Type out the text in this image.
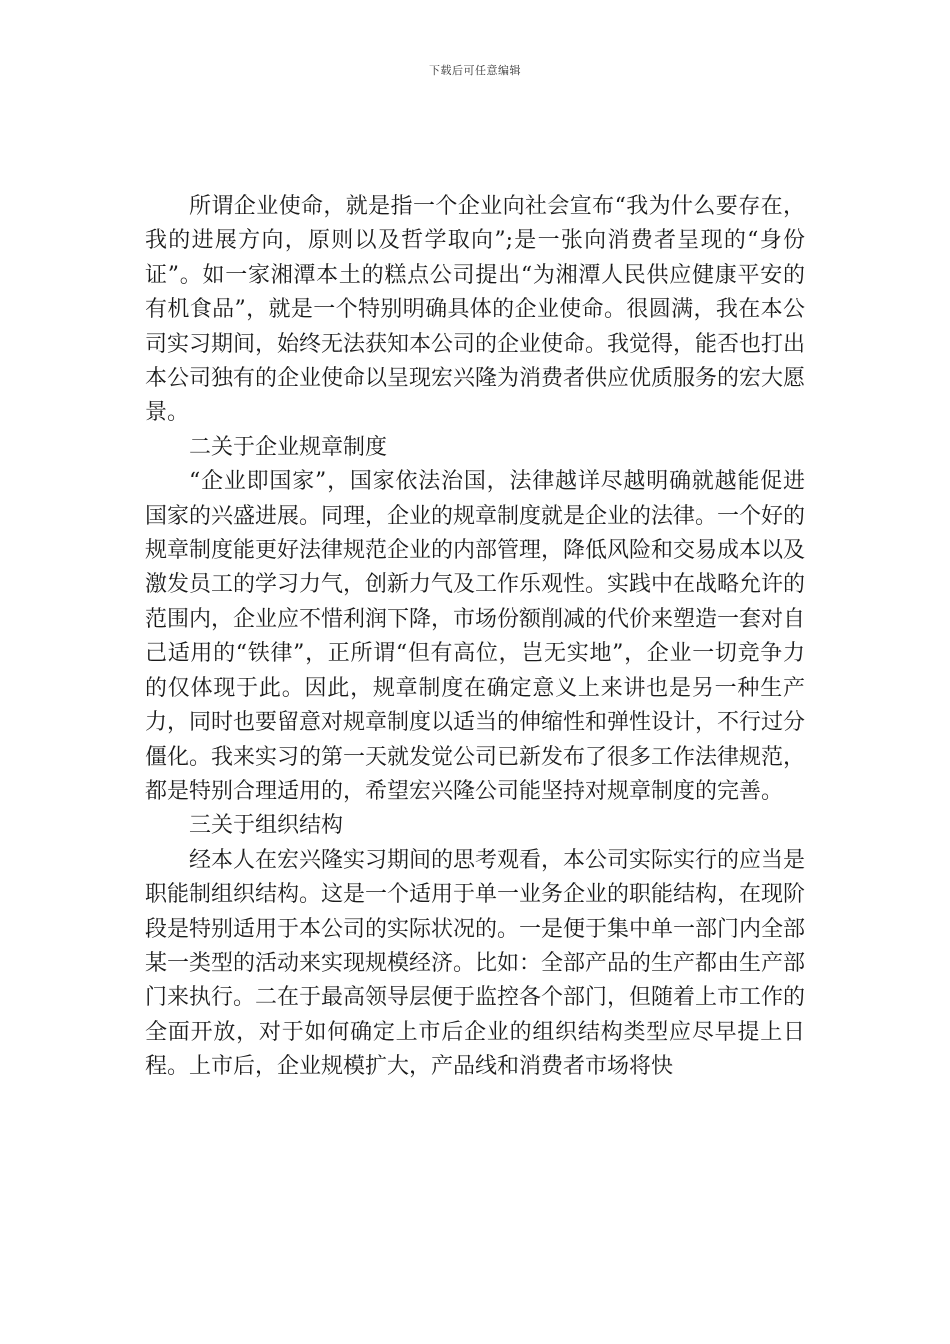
下载后可任意编辑

所谓企业使命，就是指一个企业向社会宣布“我为什么要存在，我的进展方向，原则以及哲学取向”;是一张向消费者呈现的“身份证”。如一家湘潭本土的糕点公司提出“为湘潭人民供应健康平安的有机食品”，就是一个特别明确具体的企业使命。很圆满，我在本公司实习期间，始终无法获知本公司的企业使命。我觉得，能否也打出本公司独有的企业使命以呈现宏兴隆为消费者供应优质服务的宏大愿景。

二关于企业规章制度

“企业即国家”，国家依法治国，法律越详尽越明确就越能促进国家的兴盛进展。同理，企业的规章制度就是企业的法律。一个好的规章制度能更好法律规范企业的内部管理，降低风险和交易成本以及激发员工的学习力气，创新力气及工作乐观性。实践中在战略允许的范围内，企业应不惜利润下降，市场份额削减的代价来塑造一套对自己适用的“铁律”，正所谓“但有高位，岂无实地”，企业一切竞争力的仅体现于此。因此，规章制度在确定意义上来讲也是另一种生产力，同时也要留意对规章制度以适当的伸缩性和弹性设计，不行过分僵化。我来实习的第一天就发觉公司已新发布了很多工作法律规范，都是特别合理适用的，希望宏兴隆公司能坚持对规章制度的完善。

三关于组织结构

经本人在宏兴隆实习期间的思考观看，本公司实际实行的应当是职能制组织结构。这是一个适用于单一业务企业的职能结构，在现阶段是特别适用于本公司的实际状况的。一是便于集中单一部门内全部某一类型的活动来实现规模经济。比如：全部产品的生产都由生产部门来执行。二在于最高领导层便于监控各个部门，但随着上市工作的全面开放，对于如何确定上市后企业的组织结构类型应尽早提上日程。上市后，企业规模扩大，产品线和消费者市场将快
